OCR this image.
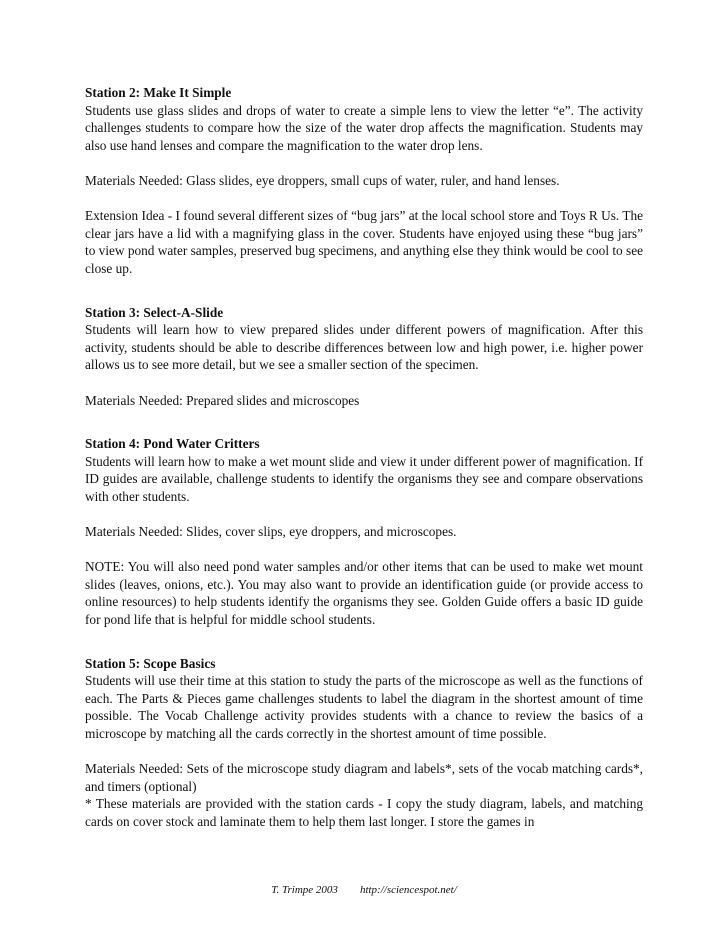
Station 2: Make It Simple

Students use glass slides and drops of water to create a simple lens to view the letter “e”. The activity challenges students to compare how the size of the water drop affects the magnification. Students may also use hand lenses and compare the magnification to the water drop lens.

Materials Needed: Glass slides, eye droppers, small cups of water, ruler, and hand lenses.

Extension Idea - I found several different sizes of “bug jars” at the local school store and Toys R Us. The clear jars have a lid with a magnifying glass in the cover. Students have enjoyed using these “bug jars” to view pond water samples, preserved bug specimens, and anything else they think would be cool to see close up.

Station 3: Select-A-Slide

Students will learn how to view prepared slides under different powers of magnification. After this activity, students should be able to describe differences between low and high power, i.e. higher power allows us to see more detail, but we see a smaller section of the specimen.

Materials Needed: Prepared slides and microscopes

Station 4: Pond Water Critters

Students will learn how to make a wet mount slide and view it under different power of magnification. If ID guides are available, challenge students to identify the organisms they see and compare observations with other students.

Materials Needed: Slides, cover slips, eye droppers, and microscopes.

NOTE: You will also need pond water samples and/or other items that can be used to make wet mount slides (leaves, onions, etc.). You may also want to provide an identification guide (or provide access to online resources) to help students identify the organisms they see. Golden Guide offers a basic ID guide for pond life that is helpful for middle school students.

Station 5: Scope Basics

Students will use their time at this station to study the parts of the microscope as well as the functions of each. The Parts & Pieces game challenges students to label the diagram in the shortest amount of time possible. The Vocab Challenge activity provides students with a chance to review the basics of a microscope by matching all the cards correctly in the shortest amount of time possible.

Materials Needed: Sets of the microscope study diagram and labels*, sets of the vocab matching cards*, and timers (optional)

* These materials are provided with the station cards - I copy the study diagram, labels, and matching cards on cover stock and laminate them to help them last longer. I store the games in

T. Trimpe 2003 http://sciencespot.net/
